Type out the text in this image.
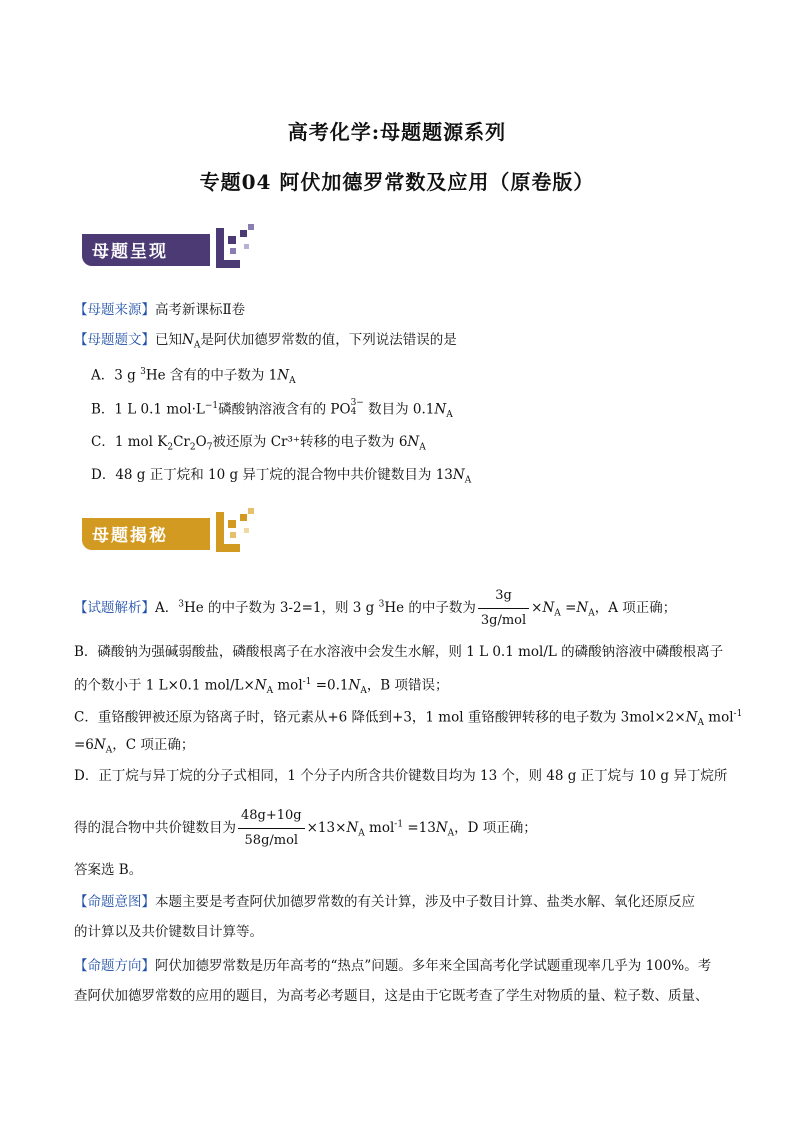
高考化学:母题题源系列
专题04 阿伏加德罗常数及应用（原卷版）
母题呈现
【母题来源】高考新课标Ⅱ卷
【母题题文】已知$N_A$是阿伏加德罗常数的值，下列说法错误的是
A．3 g $^3$He 含有的中子数为 $1N_A$
B．1 L 0.1 $mol\cdot L^{-1}$磷酸钠溶液含有的 PO 3−
4 数目为 $0.1N_A$
C．1 mol $K_2Cr_2O_7$被还原为 Cr³⁺转移的电子数为 $6N_A$
D．48 g 正丁烷和 10 g 异丁烷的混合物中共价键数目为 $13N_A$
母题揭秘
【试题解析】A．$^3$He 的中子数为 3-2=1，则 3 g $^3$He 的中子数为 $\frac{3g}{\text{3g/mol}} \times N_A =N_A$，A 项正确；
B．磷酸钠为强碱弱酸盐，磷酸根离子在水溶液中会发生水解，则 1 L 0.1 mol/L 的磷酸钠溶液中磷酸根离子
的个数小于 1 L×0.1 mol/$L\times N_A$ $mol^{-1} =0.1N_A$，B 项错误；
C．重铬酸钾被还原为铬离子时，铬元素从+6 降低到+3，1 mol 重铬酸钾转移的电子数为 $3mol\times 2\times N_A$ mol$^{-1}$
$=6N_A$，C 项正确；
D．正丁烷与异丁烷的分子式相同，1 个分子内所含共价键数目均为 13 个，则 48 g 正丁烷与 10 g 异丁烷所
得的混合物中共价键数目为 $\frac{48g+10g}{\text{58g/mol}} \times 13\times N_A$ $mol^{-1} =13N_A$，D 项正确；
答案选 B。
【命题意图】本题主要是考查阿伏加德罗常数的有关计算，涉及中子数目计算、盐类水解、氧化还原反应
的计算以及共价键数目计算等。
【命题方向】阿伏加德罗常数是历年高考的“热点”问题。多年来全国高考化学试题重现率几乎为 100%。考
查阿伏加德罗常数的应用的题目，为高考必考题目，这是由于它既考查了学生对物质的量、粒子数、质量、
